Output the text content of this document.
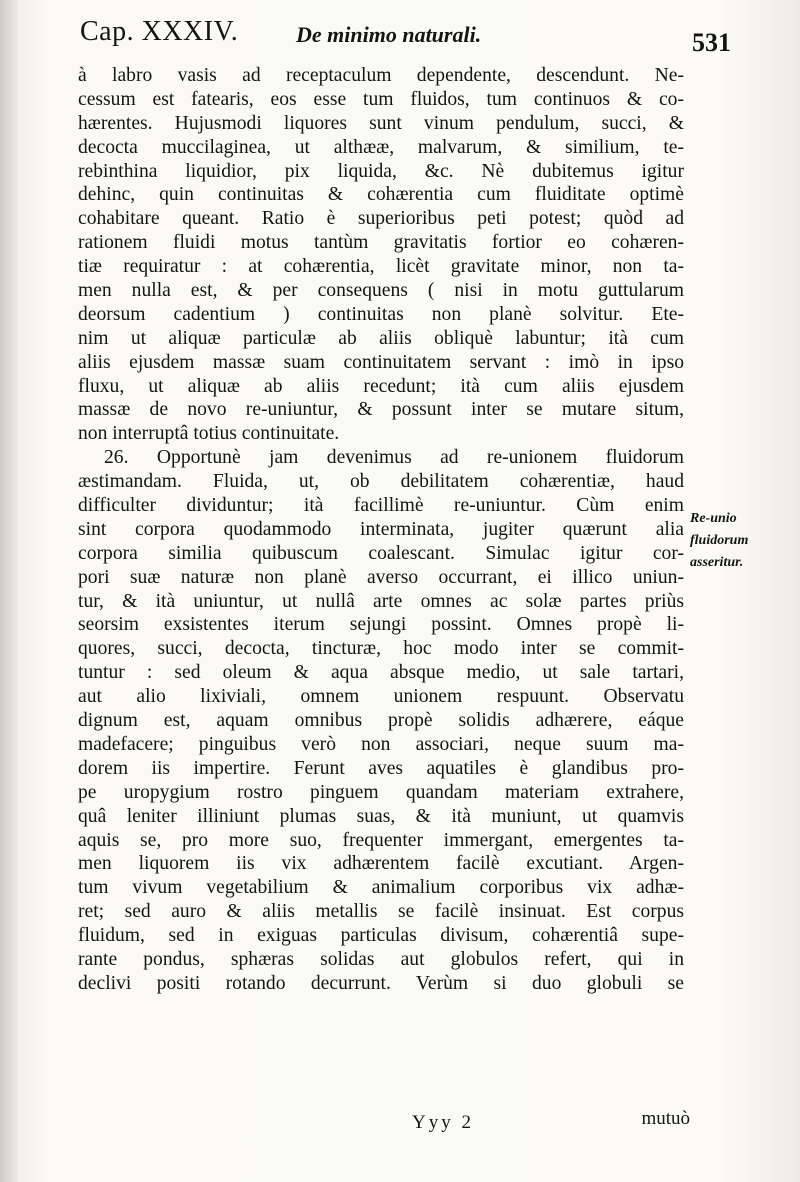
Cap. XXXIV.	De minimo naturali.	531
à labro vasis ad receptaculum dependente, descendunt. Ne-
cessum est fatearis, eos esse tum fluidos, tum continuos & co-
hærentes. Hujusmodi liquores sunt vinum pendulum, succi, &
decocta muccilaginea, ut althææ, malvarum, & similium, te-
rebinthina liquidior, pix liquida, &c. Nè dubitemus igitur
dehinc, quin continuitas & cohærentia cum fluiditate optimè
cohabitare queant. Ratio è superioribus peti potest; quòd ad
rationem fluidi motus tantùm gravitatis fortior eo cohæren-
tiæ requiratur : at cohærentia, licèt gravitate minor, non ta-
men nulla est, & per consequens ( nisi in motu guttularum
deorsum cadentium ) continuitas non planè solvitur. Ete-
nim ut aliquæ particulæ ab aliis obliquè labuntur; ità cum
aliis ejusdem massæ suam continuitatem servant : imò in ipso
fluxu, ut aliquæ ab aliis recedunt; ità cum aliis ejusdem
massæ de novo re-uniuntur, & possunt inter se mutare situm,
non interruptâ totius continuitate.
26. Opportunè jam devenimus ad re-unionem fluidorum
æstimandam. Fluida, ut, ob debilitatem cohærentiæ, haud
difficulter dividuntur; ità facillimè re-uniuntur. Cùm enim
sint corpora quodammodo interminata, jugiter quærunt alia
corpora similia quibuscum coalescant. Simulac igitur cor-
pori suæ naturæ non planè averso occurrant, ei illico uniun-
tur, & ità uniuntur, ut nullâ arte omnes ac solæ partes priùs
seorsim exsistentes iterum sejungi possint. Omnes propè li-
quores, succi, decocta, tincturæ, hoc modo inter se commit-
tuntur : sed oleum & aqua absque medio, ut sale tartari,
aut alio lixiviali, omnem unionem respuunt. Observatu
dignum est, aquam omnibus propè solidis adhærere, eáque
madefacere; pinguibus verò non associari, neque suum ma-
dorem iis impertire. Ferunt aves aquatiles è glandibus pro-
pe uropygium rostro pinguem quandam materiam extrahere,
quâ leniter illiniunt plumas suas, & ità muniunt, ut quamvis
aquis se, pro more suo, frequenter immergant, emergentes ta-
men liquorem iis vix adhærentem facilè excutiant. Argen-
tum vivum vegetabilium & animalium corporibus vix adhæ-
ret; sed auro & aliis metallis se facilè insinuat. Est corpus
fluidum, sed in exiguas particulas divisum, cohærentiâ supe-
rante pondus, sphæras solidas aut globulos refert, qui in
declivi positi rotando decurrunt. Verùm si duo globuli se
Re-unio
fluidorum
asseritur.
Yyy 2	mutuò
